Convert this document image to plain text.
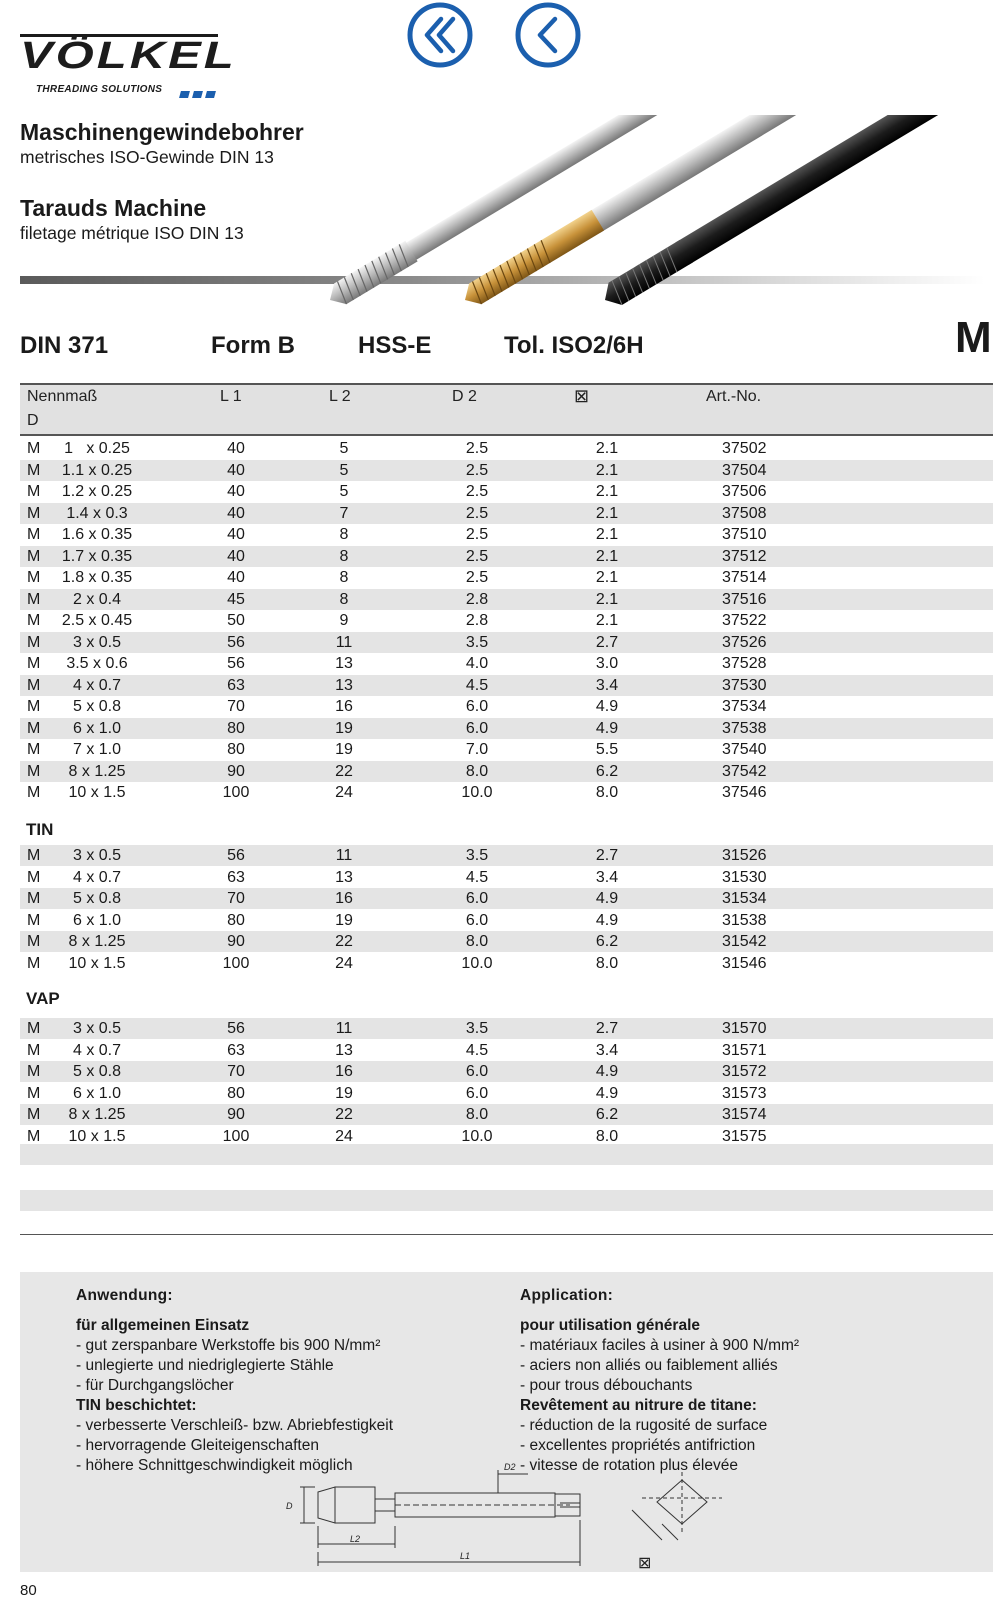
VÖLKEL
THREADING SOLUTIONS
Maschinengewindebohrer
metrisches ISO-Gewinde DIN 13
Tarauds Machine
filetage métrique ISO DIN 13
DIN 371	Form B	HSS-E	Tol. ISO2/6H	M
Nennmaß
D
L 1	L 2	D 2	⊠	Art.-No.
M	1   x 0.25	40	5	2.5	2.1	37502
M 1.1 x 0.25	40	5	2.5	2.1	37504
M 1.2 x 0.25	40	5	2.5	2.1	37506
M	1.4 x 0.3	40	7	2.5	2.1	37508
M 1.6 x 0.35	40	8	2.5	2.1	37510
M 1.7 x 0.35	40	8	2.5	2.1	37512
M 1.8 x 0.35	40	8	2.5	2.1	37514
M	2 x 0.4	45	8	2.8	2.1	37516
M 2.5 x 0.45	50	9	2.8	2.1	37522
M	3 x 0.5	56	11	3.5	2.7	37526
M	3.5 x 0.6	56	13	4.0	3.0	37528
M	4 x 0.7	63	13	4.5	3.4	37530
M	5 x 0.8	70	16	6.0	4.9	37534
M	6 x 1.0	80	19	6.0	4.9	37538
M	7 x 1.0	80	19	7.0	5.5	37540
M	8 x 1.25	90	22	8.0	6.2	37542
M	10 x 1.5	100	24	10.0	8.0	37546
TIN
M	3 x 0.5	56	11	3.5	2.7	31526
M	4 x 0.7	63	13	4.5	3.4	31530
M	5 x 0.8	70	16	6.0	4.9	31534
M	6 x 1.0	80	19	6.0	4.9	31538
M	8 x 1.25	90	22	8.0	6.2	31542
M	10 x 1.5	100	24	10.0	8.0	31546
VAP
M	3 x 0.5	56	11	3.5	2.7	31570
M	4 x 0.7	63	13	4.5	3.4	31571
M	5 x 0.8	70	16	6.0	4.9	31572
M	6 x 1.0	80	19	6.0	4.9	31573
M	8 x 1.25	90	22	8.0	6.2	31574
M	10 x 1.5	100	24	10.0	8.0	31575
Anwendung:
für allgemeinen Einsatz
- gut zerspanbare Werkstoffe bis 900 N/mm²
- unlegierte und niedriglegierte Stähle
- für Durchgangslöcher
TIN beschichtet:
- verbesserte Verschleiß- bzw. Abriebfestigkeit
- hervorragende Gleiteigenschaften
- höhere Schnittgeschwindigkeit möglich
Application:
pour utilisation générale
- matériaux faciles à usiner à 900 N/mm²
- aciers non alliés ou faiblement alliés
- pour trous débouchants
Revêtement au nitrure de titane:
- réduction de la rugosité de surface
- excellentes propriétés antifriction
- vitesse de rotation plus élevée
D
D2
L2
L1	⊠
80
